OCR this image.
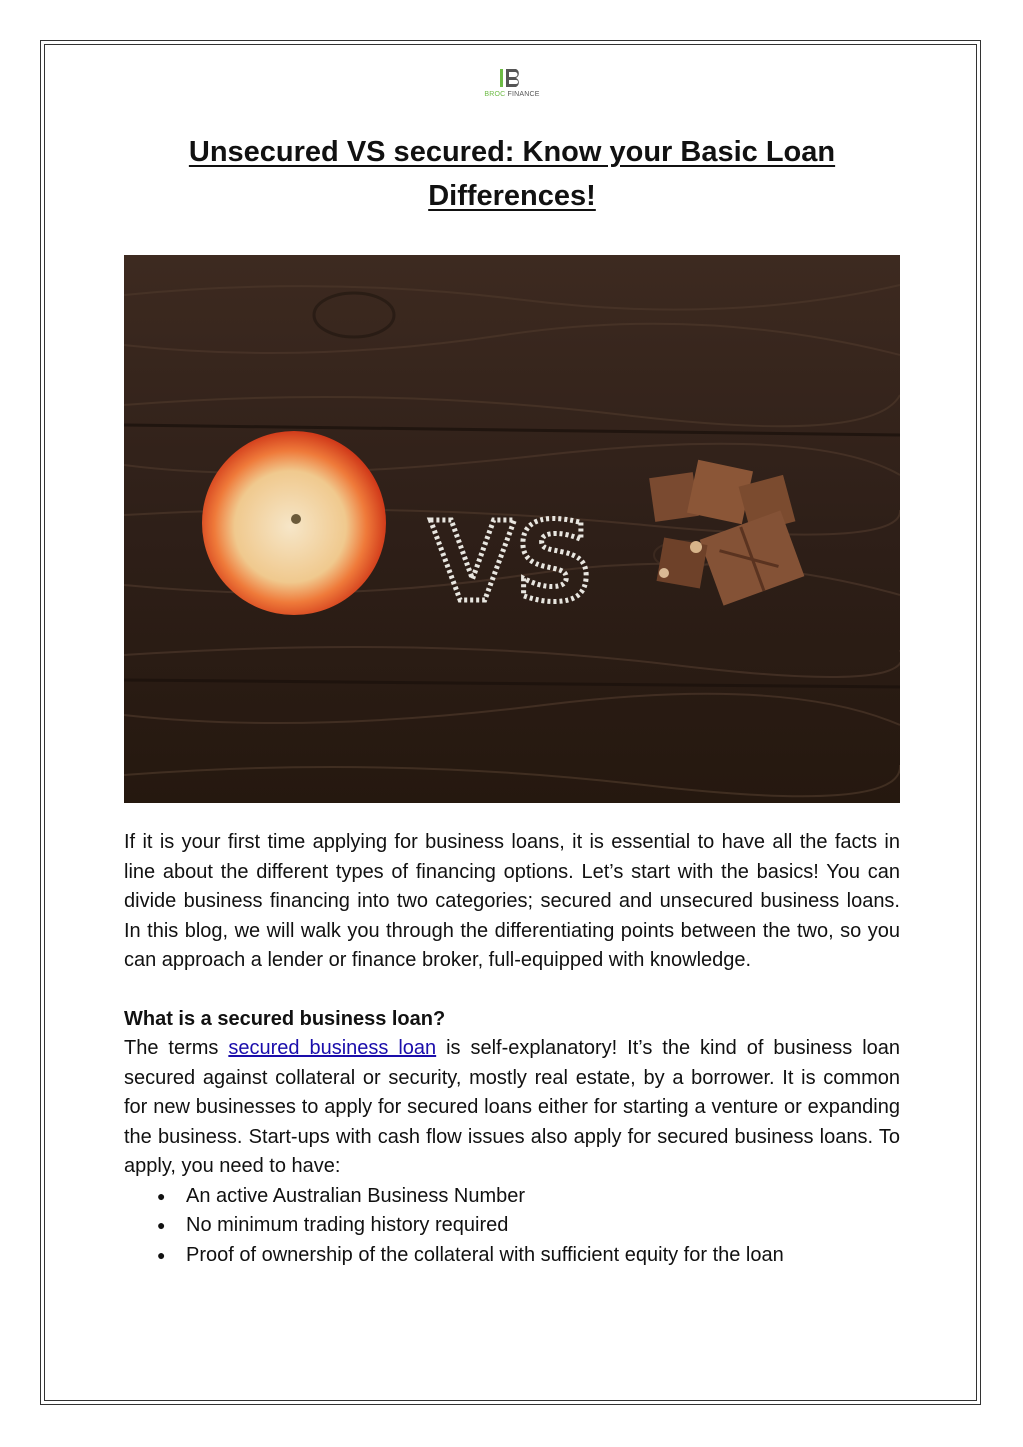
BROC FINANCE
Unsecured VS secured: Know your Basic Loan
Differences!
VS

If it is your first time applying for business loans, it is essential to have all the facts in line about the different types of financing options. Let’s start with the basics! You can divide business financing into two categories; secured and unsecured business loans. In this blog, we will walk you through the differentiating points between the two, so you can approach a lender or finance broker, full-equipped with knowledge.

What is a secured business loan?

The terms secured business loan is self-explanatory! It’s the kind of business loan secured against collateral or security, mostly real estate, by a borrower. It is common for new businesses to apply for secured loans either for starting a venture or expanding the business. Start-ups with cash flow issues also apply for secured business loans. To apply, you need to have:

● An active Australian Business Number
● No minimum trading history required
● Proof of ownership of the collateral with sufficient equity for the loan
